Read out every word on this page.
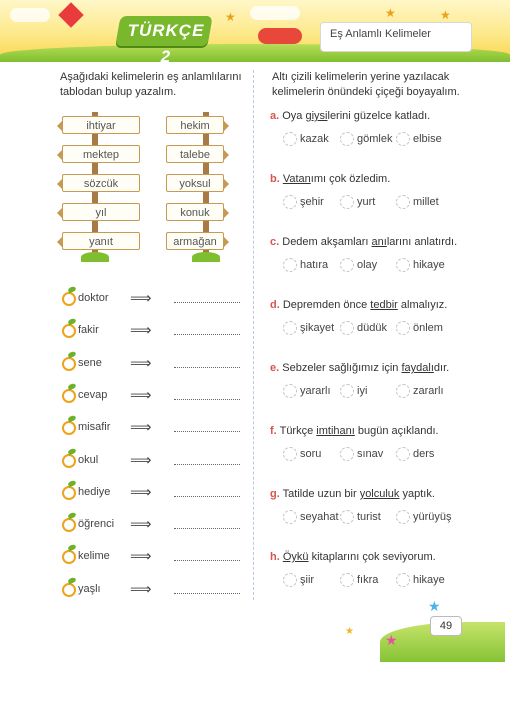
★	★	★
TÜRKÇE 2
Eş Anlamlı Kelimeler
Aşağıdaki kelimelerin eş anlamlılarını tablodan bulup yazalım.
Altı çizili kelimelerin yerine yazılacak kelimelerin önündeki çiçeği boyayalım.
ihtiyar
mektep
sözcük
yıl
yanıt
hekim
talebe
yoksul
konuk
armağan
doktor ⟹
fakir ⟹
sene ⟹
cevap ⟹
misafir ⟹
okul ⟹
hediye ⟹
öğrenci ⟹
kelime ⟹
yaşlı ⟹
a. Oya giysilerini güzelce katladı.
kazak	gömlek elbise
b. Vatanımı çok özledim.
şehir	yurt	millet
c. Dedem akşamları anılarını anlatırdı.
hatıra	olay	hikaye
d. Depremden önce tedbir almalıyız.
şikayet düdük önlem
e. Sebzeler sağlığımız için faydalıdır.
yararlı iyi	zararlı
f. Türkçe imtihanı bugün açıklandı.
soru	sınav	ders
g. Tatilde uzun bir yolculuk yaptık.
seyahat turist	yürüyüş
h. Öykü kitaplarını çok seviyorum.
şiir	fıkra	hikaye
★
★
★	49
